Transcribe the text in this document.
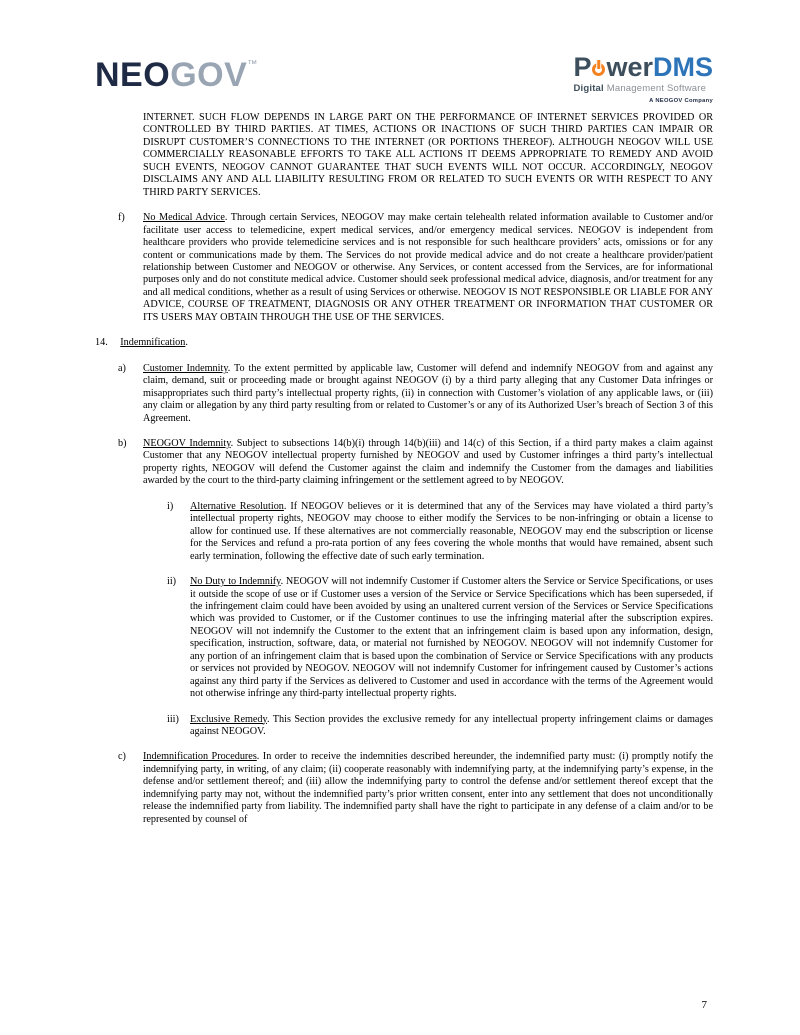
NEOGOV™	P werDMS
Digital Management Software
A NEOGOV Company
INTERNET. SUCH FLOW DEPENDS IN LARGE PART ON THE PERFORMANCE OF INTERNET SERVICES PROVIDED OR CONTROLLED BY THIRD PARTIES. AT TIMES, ACTIONS OR INACTIONS OF SUCH THIRD PARTIES CAN IMPAIR OR DISRUPT CUSTOMER’S CONNECTIONS TO THE INTERNET (OR PORTIONS THEREOF). ALTHOUGH NEOGOV WILL USE COMMERCIALLY REASONABLE EFFORTS TO TAKE ALL ACTIONS IT DEEMS APPROPRIATE TO REMEDY AND AVOID SUCH EVENTS, NEOGOV CANNOT GUARANTEE THAT SUCH EVENTS WILL NOT OCCUR. ACCORDINGLY, NEOGOV DISCLAIMS ANY AND ALL LIABILITY RESULTING FROM OR RELATED TO SUCH EVENTS OR WITH RESPECT TO ANY THIRD PARTY SERVICES.
f) No Medical Advice. Through certain Services, NEOGOV may make certain telehealth related information available to Customer and/or facilitate user access to telemedicine, expert medical services, and/or emergency medical services. NEOGOV is independent from healthcare providers who provide telemedicine services and is not responsible for such healthcare providers’ acts, omissions or for any content or communications made by them. The Services do not provide medical advice and do not create a healthcare provider/patient relationship between Customer and NEOGOV or otherwise. Any Services, or content accessed from the Services, are for informational purposes only and do not constitute medical advice. Customer should seek professional medical advice, diagnosis, and/or treatment for any and all medical conditions, whether as a result of using Services or otherwise. NEOGOV IS NOT RESPONSIBLE OR LIABLE FOR ANY ADVICE, COURSE OF TREATMENT, DIAGNOSIS OR ANY OTHER TREATMENT OR INFORMATION THAT CUSTOMER OR ITS USERS MAY OBTAIN THROUGH THE USE OF THE SERVICES.
14. Indemnification.
a) Customer Indemnity. To the extent permitted by applicable law, Customer will defend and indemnify NEOGOV from and against any claim, demand, suit or proceeding made or brought against NEOGOV (i) by a third party alleging that any Customer Data infringes or misappropriates such third party’s intellectual property rights, (ii) in connection with Customer’s violation of any applicable laws, or (iii) any claim or allegation by any third party resulting from or related to Customer’s or any of its Authorized User’s breach of Section 3 of this Agreement.
b) NEOGOV Indemnity. Subject to subsections 14(b)(i) through 14(b)(iii) and 14(c) of this Section, if a third party makes a claim against Customer that any NEOGOV intellectual property furnished by NEOGOV and used by Customer infringes a third party’s intellectual property rights, NEOGOV will defend the Customer against the claim and indemnify the Customer from the damages and liabilities awarded by the court to the third-party claiming infringement or the settlement agreed to by NEOGOV.
i) Alternative Resolution. If NEOGOV believes or it is determined that any of the Services may have violated a third party’s intellectual property rights, NEOGOV may choose to either modify the Services to be non-infringing or obtain a license to allow for continued use. If these alternatives are not commercially reasonable, NEOGOV may end the subscription or license for the Services and refund a pro-rata portion of any fees covering the whole months that would have remained, absent such early termination, following the effective date of such early termination.
ii) No Duty to Indemnify. NEOGOV will not indemnify Customer if Customer alters the Service or Service Specifications, or uses it outside the scope of use or if Customer uses a version of the Service or Service Specifications which has been superseded, if the infringement claim could have been avoided by using an unaltered current version of the Services or Service Specifications which was provided to Customer, or if the Customer continues to use the infringing material after the subscription expires. NEOGOV will not indemnify the Customer to the extent that an infringement claim is based upon any information, design, specification, instruction, software, data, or material not furnished by NEOGOV. NEOGOV will not indemnify Customer for any portion of an infringement claim that is based upon the combination of Service or Service Specifications with any products or services not provided by NEOGOV. NEOGOV will not indemnify Customer for infringement caused by Customer’s actions against any third party if the Services as delivered to Customer and used in accordance with the terms of the Agreement would not otherwise infringe any third-party intellectual property rights.
iii) Exclusive Remedy. This Section provides the exclusive remedy for any intellectual property infringement claims or damages against NEOGOV.
c) Indemnification Procedures. In order to receive the indemnities described hereunder, the indemnified party must: (i) promptly notify the indemnifying party, in writing, of any claim; (ii) cooperate reasonably with indemnifying party, at the indemnifying party’s expense, in the defense and/or settlement thereof; and (iii) allow the indemnifying party to control the defense and/or settlement thereof except that the indemnifying party may not, without the indemnified party’s prior written consent, enter into any settlement that does not unconditionally release the indemnified party from liability. The indemnified party shall have the right to participate in any defense of a claim and/or to be represented by counsel of
7
